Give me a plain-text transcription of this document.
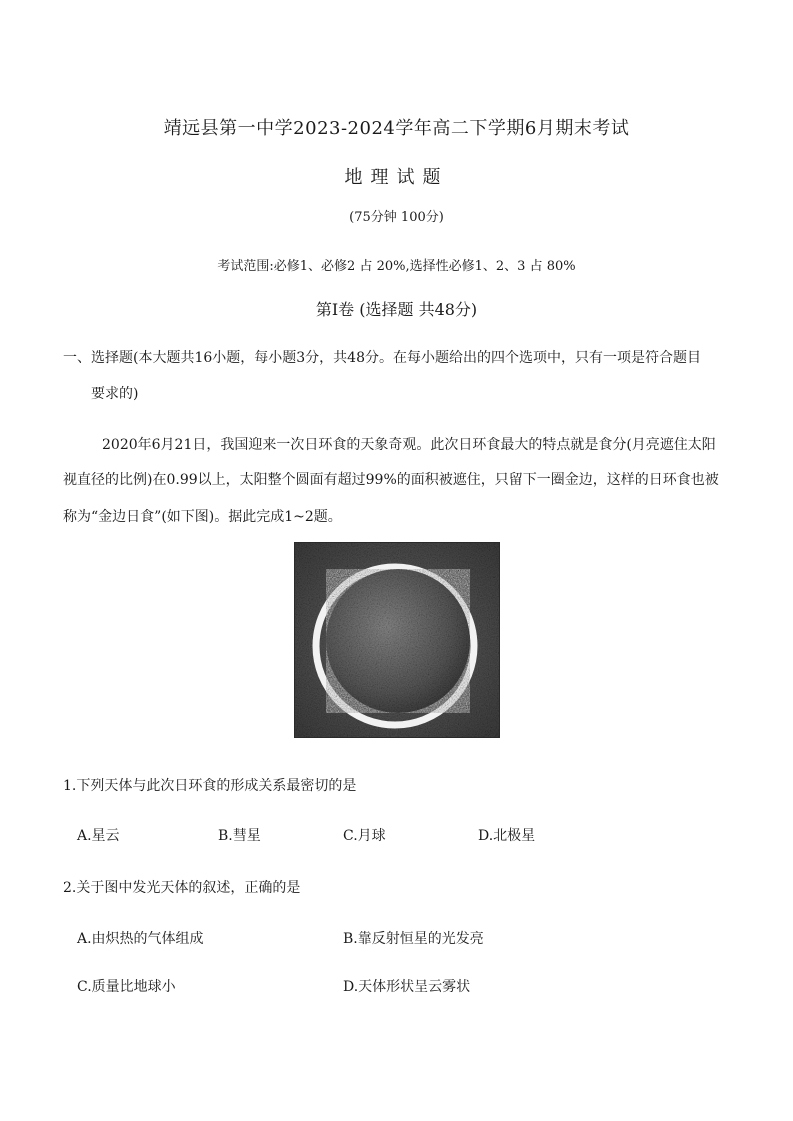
靖远县第一中学2023-2024学年高二下学期6月期末考试
地理试题
(75分钟 100分)
考试范围:必修1、必修2 占 20%,选择性必修1、2、3 占 80%
第I卷 (选择题 共48分)
一、选择题(本大题共16小题，每小题3分，共48分。在每小题给出的四个选项中，只有一项是符合题目
要求的)
2020年6月21日，我国迎来一次日环食的天象奇观。此次日环食最大的特点就是食分(月亮遮住太阳
视直径的比例)在0.99以上，太阳整个圆面有超过99%的面积被遮住，只留下一圈金边，这样的日环食也被
称为“金边日食”(如下图)。据此完成1~2题。
1.下列天体与此次日环食的形成关系最密切的是
A.星云	B.彗星	C.月球	D.北极星
2.关于图中发光天体的叙述，正确的是
A.由炽热的气体组成	B.靠反射恒星的光发亮
C.质量比地球小	D.天体形状呈云雾状
